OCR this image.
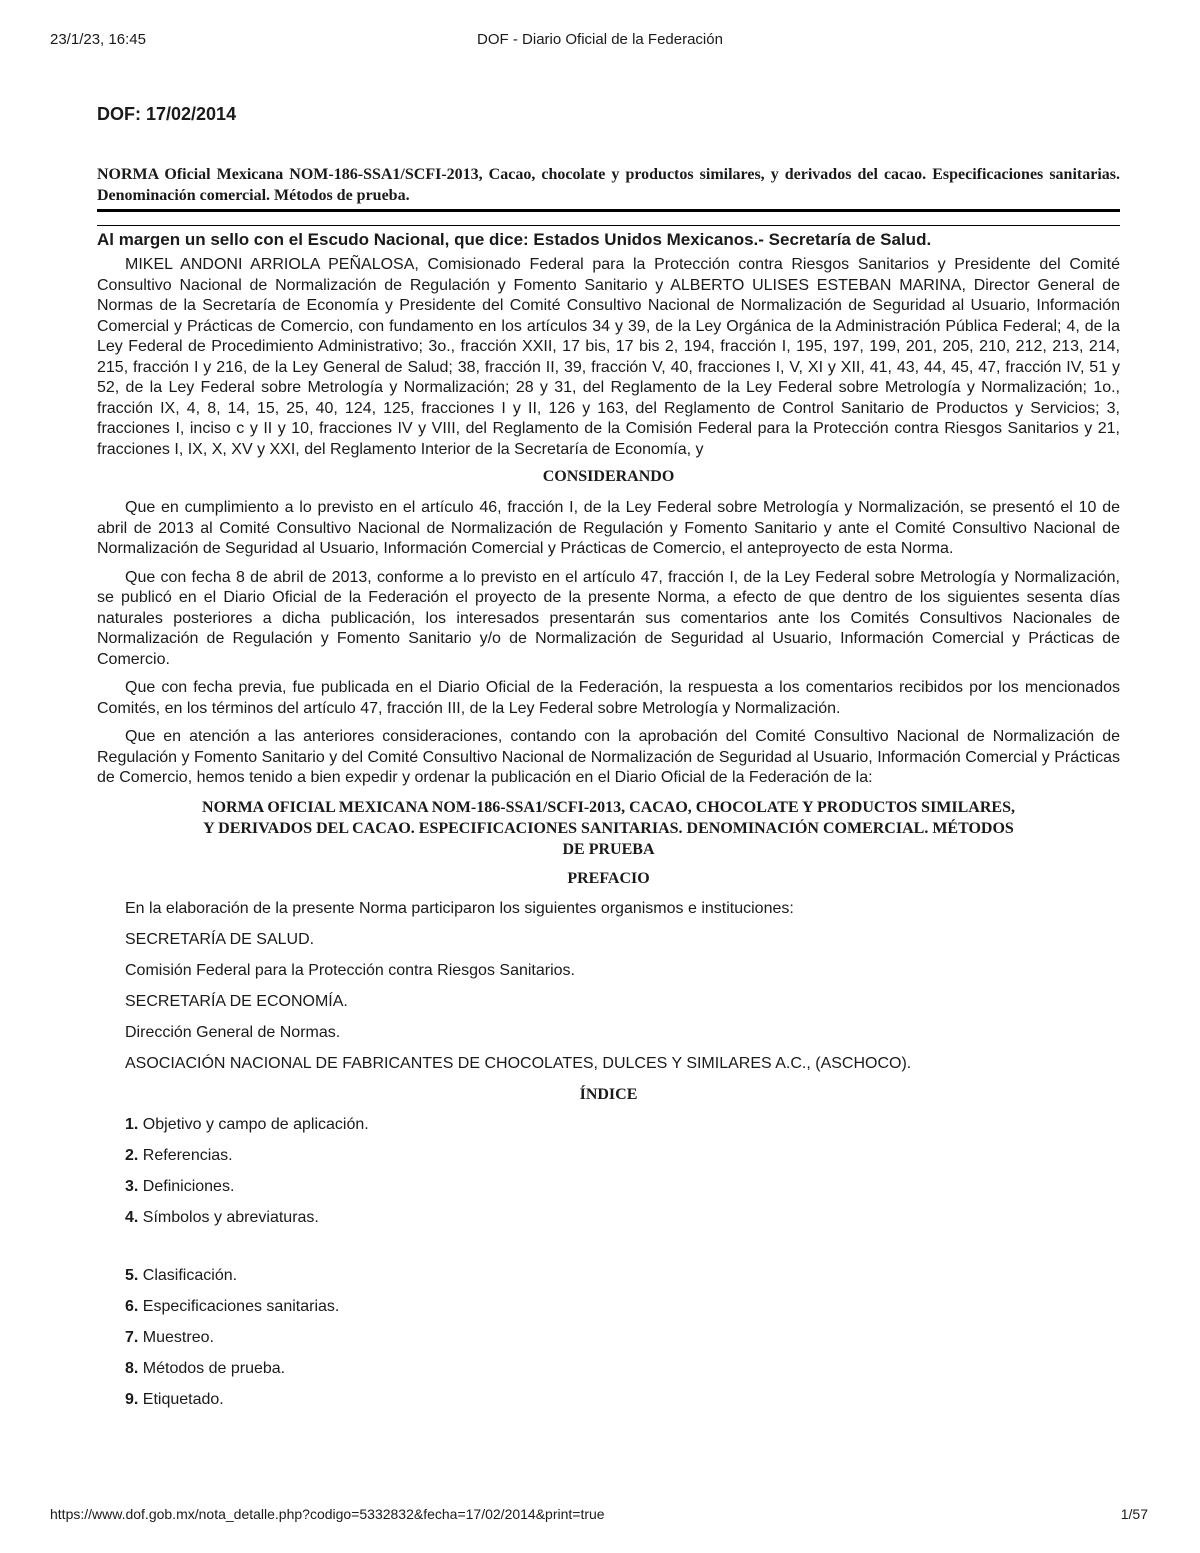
23/1/23, 16:45	DOF - Diario Oficial de la Federación
DOF: 17/02/2014
NORMA Oficial Mexicana NOM-186-SSA1/SCFI-2013, Cacao, chocolate y productos similares, y derivados del cacao. Especificaciones sanitarias. Denominación comercial. Métodos de prueba.
Al margen un sello con el Escudo Nacional, que dice: Estados Unidos Mexicanos.- Secretaría de Salud.

MIKEL ANDONI ARRIOLA PEÑALOSA, Comisionado Federal para la Protección contra Riesgos Sanitarios y Presidente del Comité Consultivo Nacional de Normalización de Regulación y Fomento Sanitario y ALBERTO ULISES ESTEBAN MARINA, Director General de Normas de la Secretaría de Economía y Presidente del Comité Consultivo Nacional de Normalización de Seguridad al Usuario, Información Comercial y Prácticas de Comercio, con fundamento en los artículos 34 y 39, de la Ley Orgánica de la Administración Pública Federal; 4, de la Ley Federal de Procedimiento Administrativo; 3o., fracción XXII, 17 bis, 17 bis 2, 194, fracción I, 195, 197, 199, 201, 205, 210, 212, 213, 214, 215, fracción I y 216, de la Ley General de Salud; 38, fracción II, 39, fracción V, 40, fracciones I, V, XI y XII, 41, 43, 44, 45, 47, fracción IV, 51 y 52, de la Ley Federal sobre Metrología y Normalización; 28 y 31, del Reglamento de la Ley Federal sobre Metrología y Normalización; 1o., fracción IX, 4, 8, 14, 15, 25, 40, 124, 125, fracciones I y II, 126 y 163, del Reglamento de Control Sanitario de Productos y Servicios; 3, fracciones I, inciso c y II y 10, fracciones IV y VIII, del Reglamento de la Comisión Federal para la Protección contra Riesgos Sanitarios y 21, fracciones I, IX, X, XV y XXI, del Reglamento Interior de la Secretaría de Economía, y

CONSIDERANDO

Que en cumplimiento a lo previsto en el artículo 46, fracción I, de la Ley Federal sobre Metrología y Normalización, se presentó el 10 de abril de 2013 al Comité Consultivo Nacional de Normalización de Regulación y Fomento Sanitario y ante el Comité Consultivo Nacional de Normalización de Seguridad al Usuario, Información Comercial y Prácticas de Comercio, el anteproyecto de esta Norma.

Que con fecha 8 de abril de 2013, conforme a lo previsto en el artículo 47, fracción I, de la Ley Federal sobre Metrología y Normalización, se publicó en el Diario Oficial de la Federación el proyecto de la presente Norma, a efecto de que dentro de los siguientes sesenta días naturales posteriores a dicha publicación, los interesados presentarán sus comentarios ante los Comités Consultivos Nacionales de Normalización de Regulación y Fomento Sanitario y/o de Normalización de Seguridad al Usuario, Información Comercial y Prácticas de Comercio.

Que con fecha previa, fue publicada en el Diario Oficial de la Federación, la respuesta a los comentarios recibidos por los mencionados Comités, en los términos del artículo 47, fracción III, de la Ley Federal sobre Metrología y Normalización.

Que en atención a las anteriores consideraciones, contando con la aprobación del Comité Consultivo Nacional de Normalización de Regulación y Fomento Sanitario y del Comité Consultivo Nacional de Normalización de Seguridad al Usuario, Información Comercial y Prácticas de Comercio, hemos tenido a bien expedir y ordenar la publicación en el Diario Oficial de la Federación de la:

NORMA OFICIAL MEXICANA NOM-186-SSA1/SCFI-2013, CACAO, CHOCOLATE Y PRODUCTOS SIMILARES, Y DERIVADOS DEL CACAO. ESPECIFICACIONES SANITARIAS. DENOMINACIÓN COMERCIAL. MÉTODOS DE PRUEBA
PREFACIO
En la elaboración de la presente Norma participaron los siguientes organismos e instituciones:
SECRETARÍA DE SALUD.
Comisión Federal para la Protección contra Riesgos Sanitarios.
SECRETARÍA DE ECONOMÍA.
Dirección General de Normas.
ASOCIACIÓN NACIONAL DE FABRICANTES DE CHOCOLATES, DULCES Y SIMILARES A.C., (ASCHOCO).
ÍNDICE
1. Objetivo y campo de aplicación.
2. Referencias.
3. Definiciones.
4. Símbolos y abreviaturas.
5. Clasificación.
6. Especificaciones sanitarias.
7. Muestreo.
8. Métodos de prueba.
9. Etiquetado.
https://www.dof.gob.mx/nota_detalle.php?codigo=5332832&fecha=17/02/2014&print=true	1/57
